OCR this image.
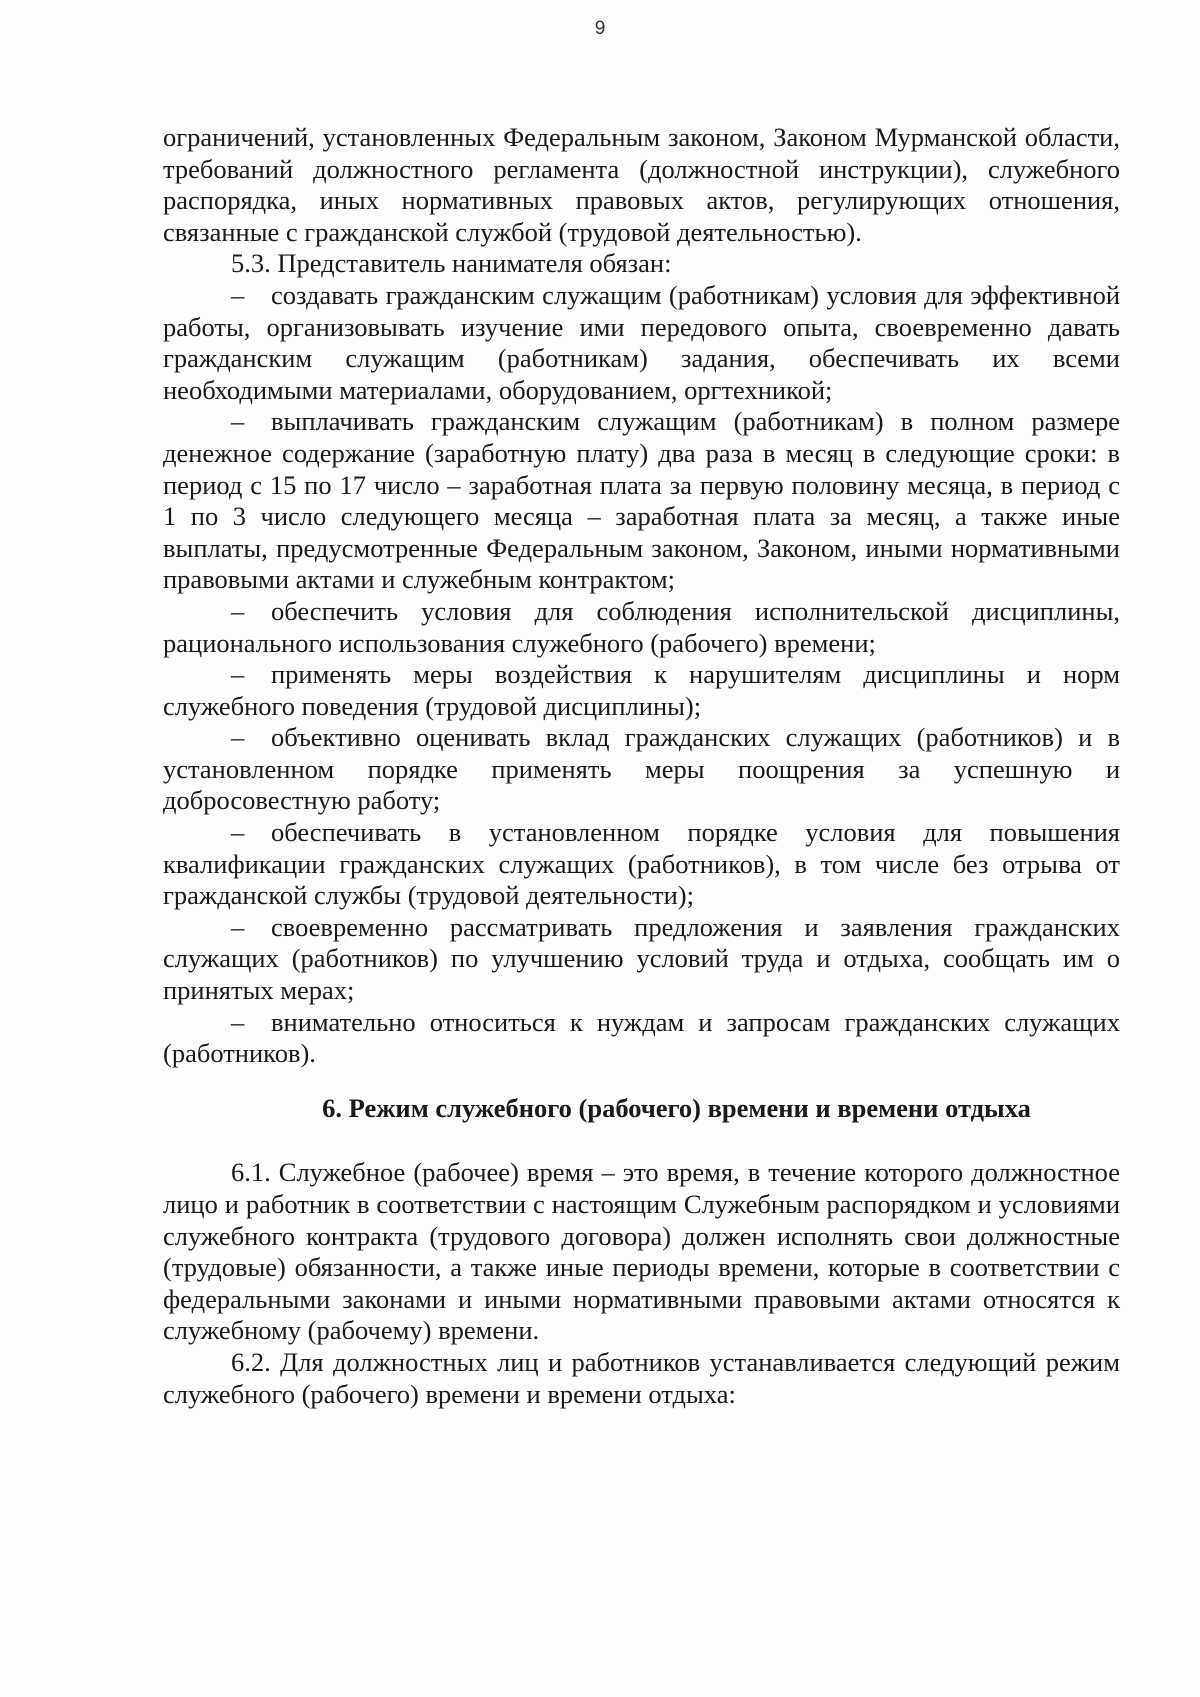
9

ограничений, установленных Федеральным законом, Законом Мурманской области, требований должностного регламента (должностной инструкции), служебного распорядка, иных нормативных правовых актов, регулирующих отношения, связанные с гражданской службой (трудовой деятельностью).

5.3. Представитель нанимателя обязан:

– создавать гражданским служащим (работникам) условия для эффективной работы, организовывать изучение ими передового опыта, своевременно давать гражданским служащим (работникам) задания, обеспечивать их всеми необходимыми материалами, оборудованием, оргтехникой;

– выплачивать гражданским служащим (работникам) в полном размере денежное содержание (заработную плату) два раза в месяц в следующие сроки: в период с 15 по 17 число – заработная плата за первую половину месяца, в период с 1 по 3 число следующего месяца – заработная плата за месяц, а также иные выплаты, предусмотренные Федеральным законом, Законом, иными нормативными правовыми актами и служебным контрактом;

– обеспечить условия для соблюдения исполнительской дисциплины, рационального использования служебного (рабочего) времени;

– применять меры воздействия к нарушителям дисциплины и норм служебного поведения (трудовой дисциплины);

– объективно оценивать вклад гражданских служащих (работников) и в установленном порядке применять меры поощрения за успешную и добросовестную работу;

– обеспечивать в установленном порядке условия для повышения квалификации гражданских служащих (работников), в том числе без отрыва от гражданской службы (трудовой деятельности);

– своевременно рассматривать предложения и заявления гражданских служащих (работников) по улучшению условий труда и отдыха, сообщать им о принятых мерах;

– внимательно относиться к нуждам и запросам гражданских служащих (работников).

6. Режим служебного (рабочего) времени и времени отдыха

6.1. Служебное (рабочее) время – это время, в течение которого должностное лицо и работник в соответствии с настоящим Служебным распорядком и условиями служебного контракта (трудового договора) должен исполнять свои должностные (трудовые) обязанности, а также иные периоды времени, которые в соответствии с федеральными законами и иными нормативными правовыми актами относятся к служебному (рабочему) времени.

6.2. Для должностных лиц и работников устанавливается следующий режим служебного (рабочего) времени и времени отдыха:
